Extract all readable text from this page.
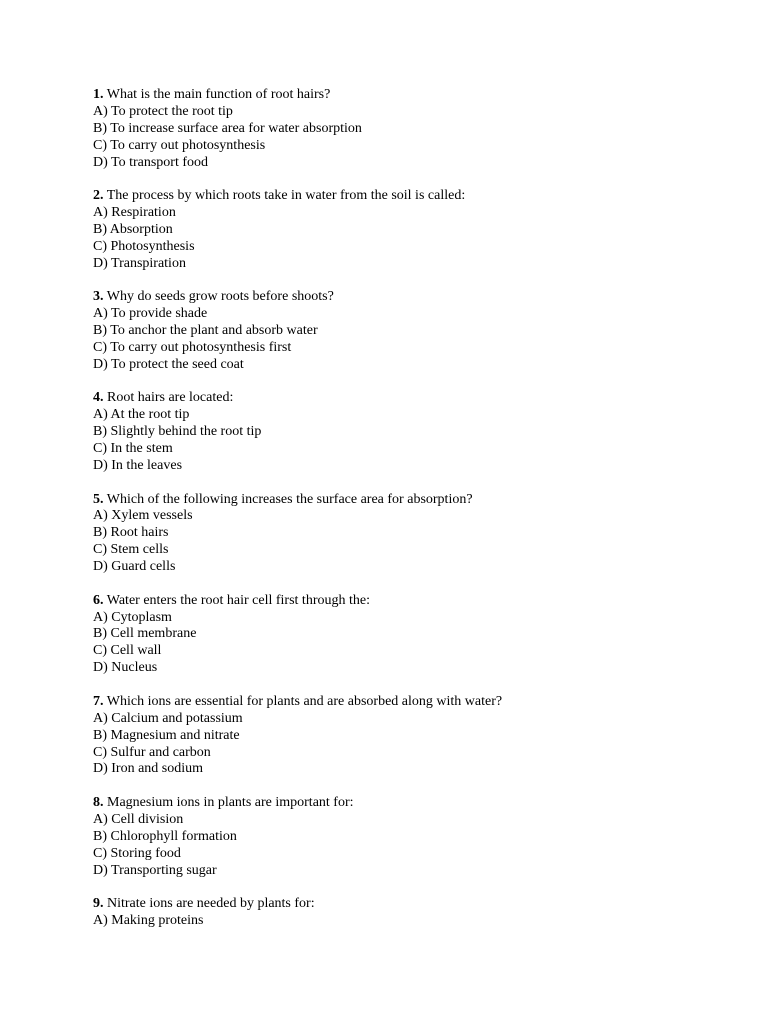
1. What is the main function of root hairs?
A) To protect the root tip
B) To increase surface area for water absorption
C) To carry out photosynthesis
D) To transport food
2. The process by which roots take in water from the soil is called:
A) Respiration
B) Absorption
C) Photosynthesis
D) Transpiration
3. Why do seeds grow roots before shoots?
A) To provide shade
B) To anchor the plant and absorb water
C) To carry out photosynthesis first
D) To protect the seed coat
4. Root hairs are located:
A) At the root tip
B) Slightly behind the root tip
C) In the stem
D) In the leaves
5. Which of the following increases the surface area for absorption?
A) Xylem vessels
B) Root hairs
C) Stem cells
D) Guard cells
6. Water enters the root hair cell first through the:
A) Cytoplasm
B) Cell membrane
C) Cell wall
D) Nucleus
7. Which ions are essential for plants and are absorbed along with water?
A) Calcium and potassium
B) Magnesium and nitrate
C) Sulfur and carbon
D) Iron and sodium
8. Magnesium ions in plants are important for:
A) Cell division
B) Chlorophyll formation
C) Storing food
D) Transporting sugar
9. Nitrate ions are needed by plants for:
A) Making proteins
